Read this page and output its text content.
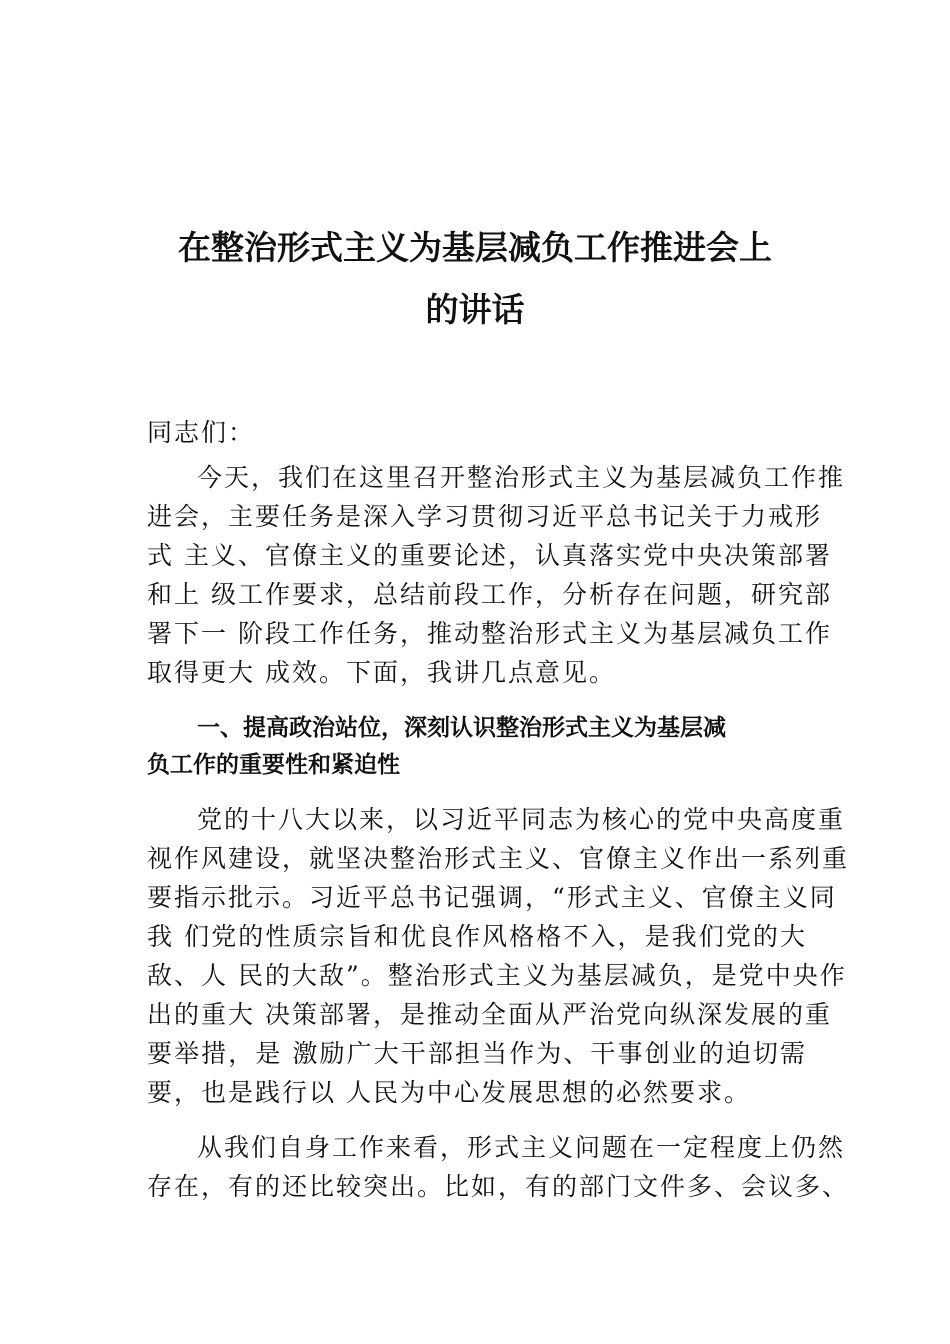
在整治形式主义为基层减负工作推进会上
的讲话
同志们：
今天，我们在这里召开整治形式主义为基层减负工作推
进会，主要任务是深入学习贯彻习近平总书记关于力戒形
式 主义、官僚主义的重要论述，认真落实党中央决策部署
和上 级工作要求，总结前段工作，分析存在问题，研究部
署下一 阶段工作任务，推动整治形式主义为基层减负工作
取得更大 成效。下面，我讲几点意见。
一、提高政治站位，深刻认识整治形式主义为基层减
负工作的重要性和紧迫性
党的十八大以来，以习近平同志为核心的党中央高度重
视作风建设，就坚决整治形式主义、官僚主义作出一系列重
要指示批示。习近平总书记强调，“形式主义、官僚主义同
我 们党的性质宗旨和优良作风格格不入，是我们党的大
敌、人 民的大敌”。整治形式主义为基层减负，是党中央作
出的重大 决策部署，是推动全面从严治党向纵深发展的重
要举措，是 激励广大干部担当作为、干事创业的迫切需
要，也是践行以 人民为中心发展思想的必然要求。
从我们自身工作来看，形式主义问题在一定程度上仍然
存在，有的还比较突出。比如，有的部门文件多、会议多、
